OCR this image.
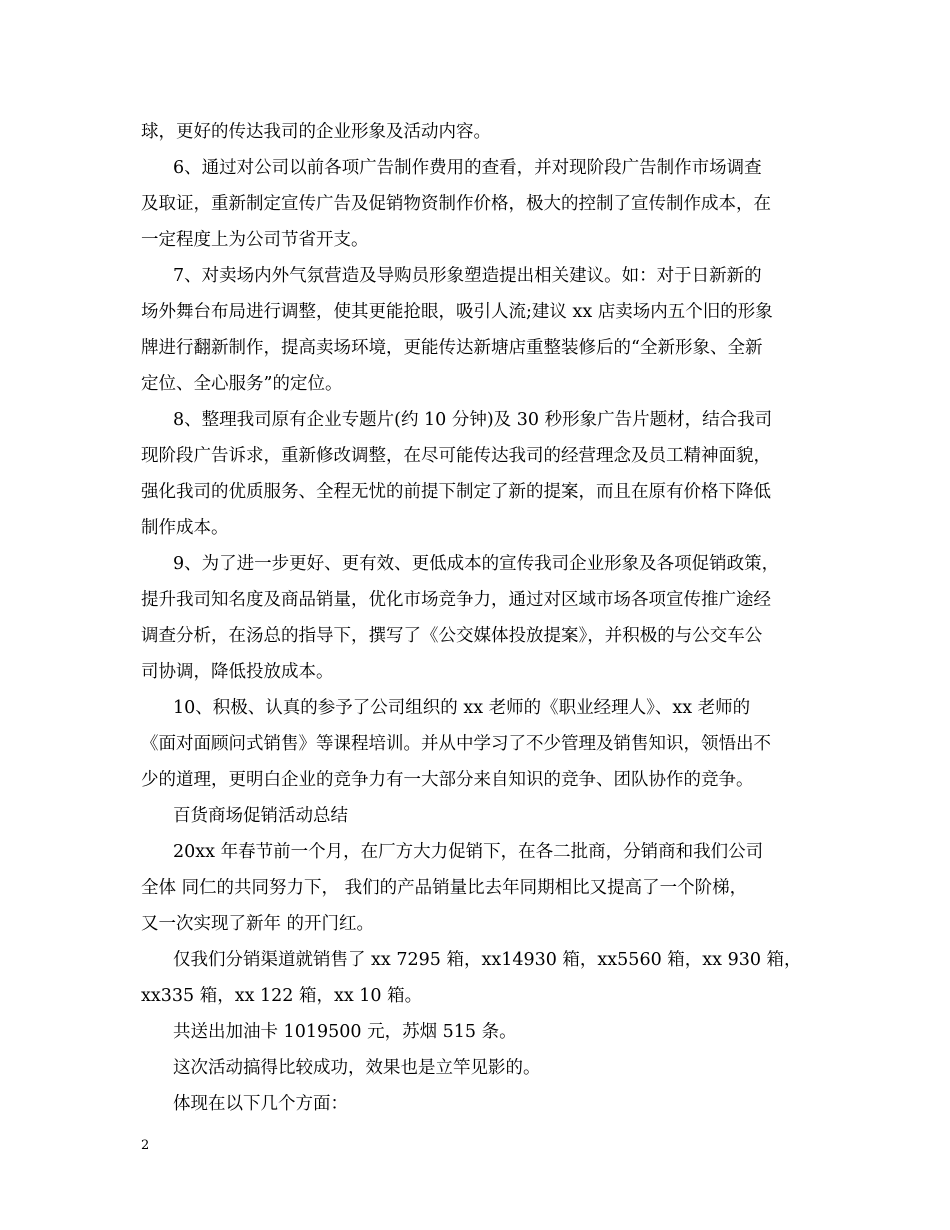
球，更好的传达我司的企业形象及活动内容。
6、通过对公司以前各项广告制作费用的查看，并对现阶段广告制作市场调查
及取证，重新制定宣传广告及促销物资制作价格，极大的控制了宣传制作成本，在
一定程度上为公司节省开支。
7、对卖场内外气氛营造及导购员形象塑造提出相关建议。如：对于日新新的
场外舞台布局进行调整，使其更能抢眼，吸引人流;建议 xx 店卖场内五个旧的形象
牌进行翻新制作，提高卖场环境，更能传达新塘店重整装修后的“全新形象、全新
定位、全心服务”的定位。
8、整理我司原有企业专题片(约 10 分钟)及 30 秒形象广告片题材，结合我司
现阶段广告诉求，重新修改调整，在尽可能传达我司的经营理念及员工精神面貌，
强化我司的优质服务、全程无忧的前提下制定了新的提案，而且在原有价格下降低
制作成本。
9、为了进一步更好、更有效、更低成本的宣传我司企业形象及各项促销政策，
提升我司知名度及商品销量，优化市场竞争力，通过对区域市场各项宣传推广途经
调查分析，在汤总的指导下，撰写了《公交媒体投放提案》，并积极的与公交车公
司协调，降低投放成本。
10、积极、认真的参予了公司组织的 xx 老师的《职业经理人》、xx 老师的
《面对面顾问式销售》等课程培训。并从中学习了不少管理及销售知识，领悟出不
少的道理，更明白企业的竞争力有一大部分来自知识的竞争、团队协作的竞争。
百货商场促销活动总结
20xx 年春节前一个月，在厂方大力促销下，在各二批商，分销商和我们公司
全体 同仁的共同努力下， 我们的产品销量比去年同期相比又提高了一个阶梯，
又一次实现了新年 的开门红。
仅我们分销渠道就销售了 xx 7295 箱，xx14930 箱，xx5560 箱，xx 930 箱，
xx335 箱，xx 122 箱，xx 10 箱。
共送出加油卡 1019500 元，苏烟 515 条。
这次活动搞得比较成功，效果也是立竿见影的。
体现在以下几个方面：
2
